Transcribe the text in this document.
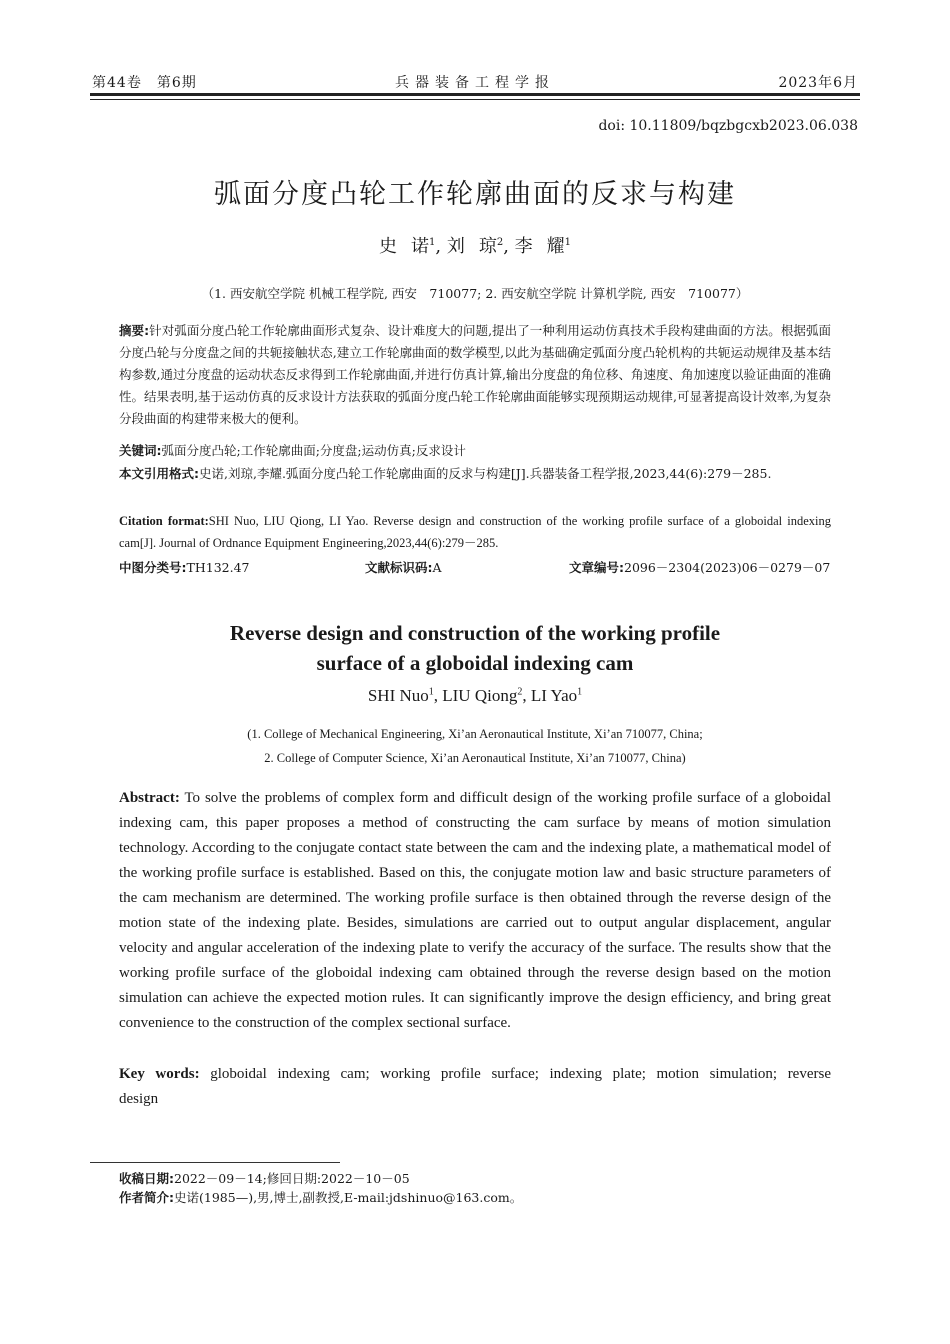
第44卷　第6期	兵器装备工程学报	2023年6月
doi: 10.11809/bqzbgcxb2023.06.038
弧面分度凸轮工作轮廓曲面的反求与构建
史诺$^1$, 刘琼$^2$, 李耀$^1$
（1. 西安航空学院 机械工程学院, 西安　710077; 2. 西安航空学院 计算机学院, 西安　710077）
摘要:针对弧面分度凸轮工作轮廓曲面形式复杂、设计难度大的问题,提出了一种利用运动仿真技术手段构建曲面的方法。根据弧面分度凸轮与分度盘之间的共轭接触状态,建立工作轮廓曲面的数学模型,以此为基础确定弧面分度凸轮机构的共轭运动规律及基本结构参数,通过分度盘的运动状态反求得到工作轮廓曲面,并进行仿真计算,输出分度盘的角位移、角速度、角加速度以验证曲面的准确性。结果表明,基于运动仿真的反求设计方法获取的弧面分度凸轮工作轮廓曲面能够实现预期运动规律,可显著提高设计效率,为复杂分段曲面的构建带来极大的便利。
关键词:弧面分度凸轮;工作轮廓曲面;分度盘;运动仿真;反求设计
本文引用格式:史诺,刘琼,李耀.弧面分度凸轮工作轮廓曲面的反求与构建[J].兵器装备工程学报,2023,44(6):279－285.
Citation format:SHI Nuo, LIU Qiong, LI Yao. Reverse design and construction of the working profile surface of a globoidal indexing cam[J]. Journal of Ordnance Equipment Engineering,2023,44(6):279－285.
中图分类号:TH132.47	文献标识码:A	文章编号:2096－2304(2023)06－0279－07
Reverse design and construction of the working profile
surface of a globoidal indexing cam
SHI Nuo$^1$, LIU Qiong$^2$, LI Yao$^1$
(1. College of Mechanical Engineering, Xi’an Aeronautical Institute, Xi’an 710077, China;
2. College of Computer Science, Xi’an Aeronautical Institute, Xi’an 710077, China)
Abstract: To solve the problems of complex form and difficult design of the working profile surface of a globoidal indexing cam, this paper proposes a method of constructing the cam surface by means of motion simulation technology. According to the conjugate contact state between the cam and the indexing plate, a mathematical model of the working profile surface is established. Based on this, the conjugate motion law and basic structure parameters of the cam mechanism are determined. The working profile surface is then obtained through the reverse design of the motion state of the indexing plate. Besides, simulations are carried out to output angular displacement, angular velocity and angular acceleration of the indexing plate to verify the accuracy of the surface. The results show that the working profile surface of the globoidal indexing cam obtained through the reverse design based on the motion simulation can achieve the expected motion rules. It can significantly improve the design efficiency, and bring great convenience to the construction of the complex sectional surface.
Key words: globoidal indexing cam; working profile surface; indexing plate; motion simulation; reverse design
收稿日期:2022－09－14;修回日期:2022－10－05
作者简介:史诺(1985—),男,博士,副教授,E-mail:jdshinuo@163.com。
